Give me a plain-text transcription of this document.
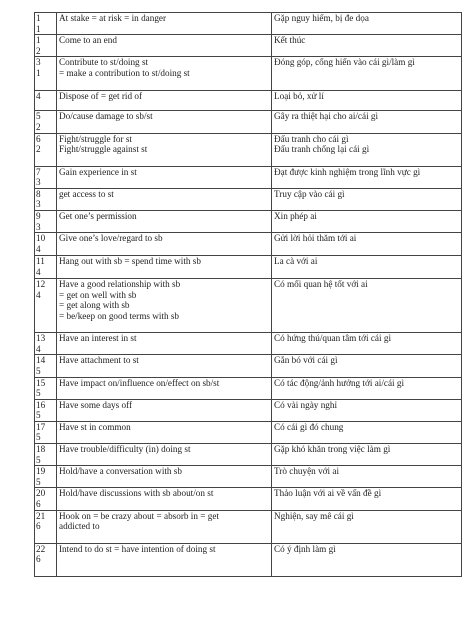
1
1	At stake = at risk = in danger	Gặp nguy hiểm, bị đe dọa

1
2	Come to an end	Kết thúc

3
1	Contribute to st/doing st
= make a contribution to st/doing st	Đóng góp, cống hiến vào cái gì/làm gì

4	Dispose of = get rid of	Loại bỏ, xử lí

5
2	Do/cause damage to sb/st	Gây ra thiệt hại cho ai/cái gì

6
2	Fight/struggle for st
Fight/struggle against st	Đấu tranh cho cái gì
Đấu tranh chống lại cái gì

7
3	Gain experience in st	Đạt được kinh nghiệm trong lĩnh vực gì

8
3	get access to st	Truy cập vào cái gì

9
3	Get one’s permission	Xin phép ai

10
4	Give one’s love/regard to sb	Gửi lời hỏi thăm tới ai

11
4	Hang out with sb = spend time with sb	La cà với ai

12
4	Have a good relationship with sb
= get on well with sb
= get along with sb
= be/keep on good terms with sb	Có mối quan hệ tốt với ai

13
4	Have an interest in st	Có hứng thú/quan tâm tới cái gì

14
5	Have attachment to st	Gắn bó với cái gì

15
5	Have impact on/influence on/effect on sb/st	Có tác động/ảnh hưởng tới ai/cái gì

16
5	Have some days off	Có vài ngày nghỉ

17
5	Have st in common	Có cái gì đó chung

18
5	Have trouble/difficulty (in) doing st	Gặp khó khăn trong việc làm gì

19
5	Hold/have a conversation with sb	Trò chuyện với ai

20
6	Hold/have discussions with sb about/on st	Thảo luận với ai về vấn đề gì

21
6	Hook on = be crazy about = absorb in = get
addicted to	Nghiện, say mê cái gì

22
6	Intend to do st = have intention of doing st	Có ý định làm gì
